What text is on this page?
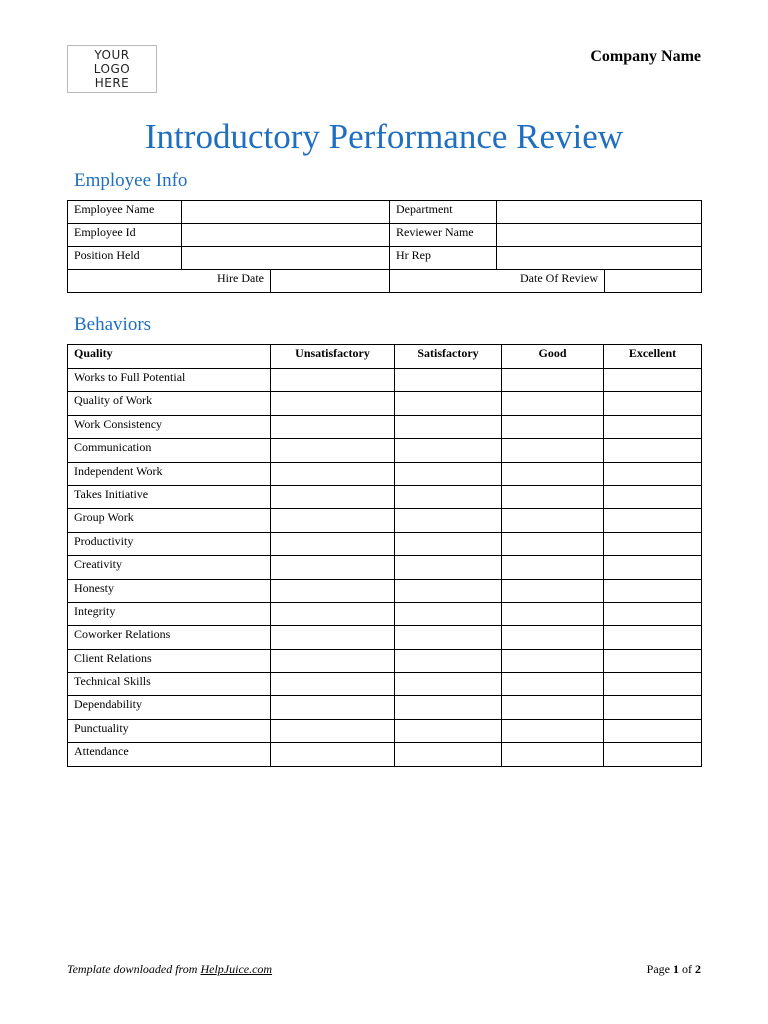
YOUR LOGO HERE
Company Name
Introductory Performance Review
Employee Info
Employee Name			Department		
Employee Id			Reviewer Name		
Position Held			Hr Rep		
Hire Date			Date Of Review		
Behaviors
Quality	Unsatisfactory	Satisfactory	Good	Excellent
Works to Full Potential				
Quality of Work				
Work Consistency				
Communication				
Independent Work				
Takes Initiative				
Group Work				
Productivity				
Creativity				
Honesty				
Integrity				
Coworker Relations				
Client Relations				
Technical Skills				
Dependability				
Punctuality				
Attendance				
Template downloaded from HelpJuice.com	Page 1 of 2
